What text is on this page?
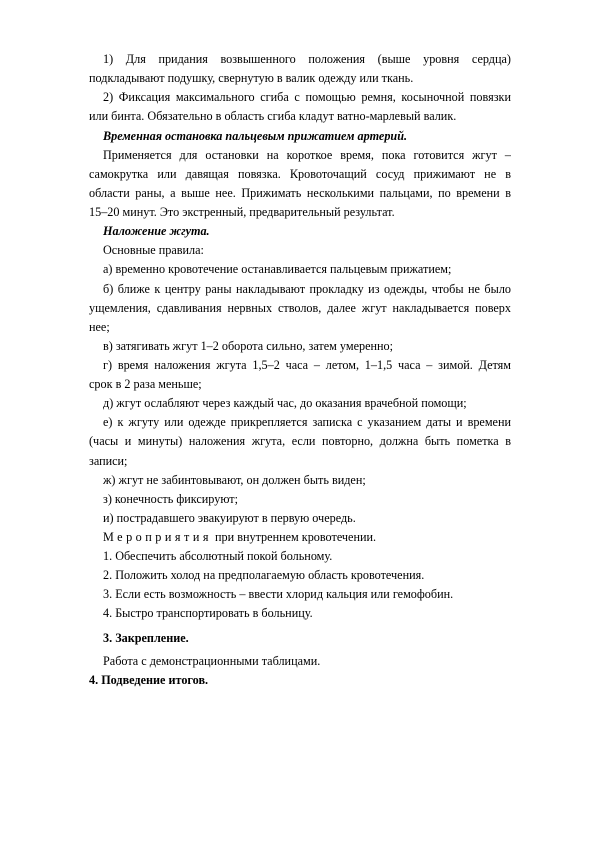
1) Для придания возвышенного положения (выше уровня сердца)
подкладывают подушку, свернутую в валик одежду или ткань.
2) Фиксация максимального сгиба с помощью ремня, косыночной повязки
или бинта. Обязательно в область сгиба кладут ватно-марлевый валик.
Временная остановка пальцевым прижатием артерий.
Применяется для остановки на короткое время, пока готовится жгут –
самокрутка или давящая повязка. Кровоточащий сосуд прижимают не в
области раны, а выше нее. Прижимать несколькими пальцами, по времени в
15–20 минут. Это экстренный, предварительный результат.
Наложение жгута.
Основные правила:
а) временно кровотечение останавливается пальцевым прижатием;
б) ближе к центру раны накладывают прокладку из одежды, чтобы не было
ущемления, сдавливания нервных стволов, далее жгут накладывается поверх
нее;
в) затягивать жгут 1–2 оборота сильно, затем умеренно;
г) время наложения жгута 1,5–2 часа – летом, 1–1,5 часа – зимой. Детям
срок в 2 раза меньше;
д) жгут ослабляют через каждый час, до оказания врачебной помощи;
е) к жгуту или одежде прикрепляется записка с указанием даты и времени
(часы и минуты) наложения жгута, если повторно, должна быть пометка в
записи;
ж) жгут не забинтовывают, он должен быть виден;
з) конечность фиксируют;
и) пострадавшего эвакуируют в первую очередь.
Мероприятия при внутреннем кровотечении.
1. Обеспечить абсолютный покой больному.
2. Положить холод на предполагаемую область кровотечения.
3. Если есть возможность – ввести хлорид кальция или гемофобин.
4. Быстро транспортировать в больницу.
3. Закрепление.
Работа с демонстрационными таблицами.
4. Подведение итогов.
